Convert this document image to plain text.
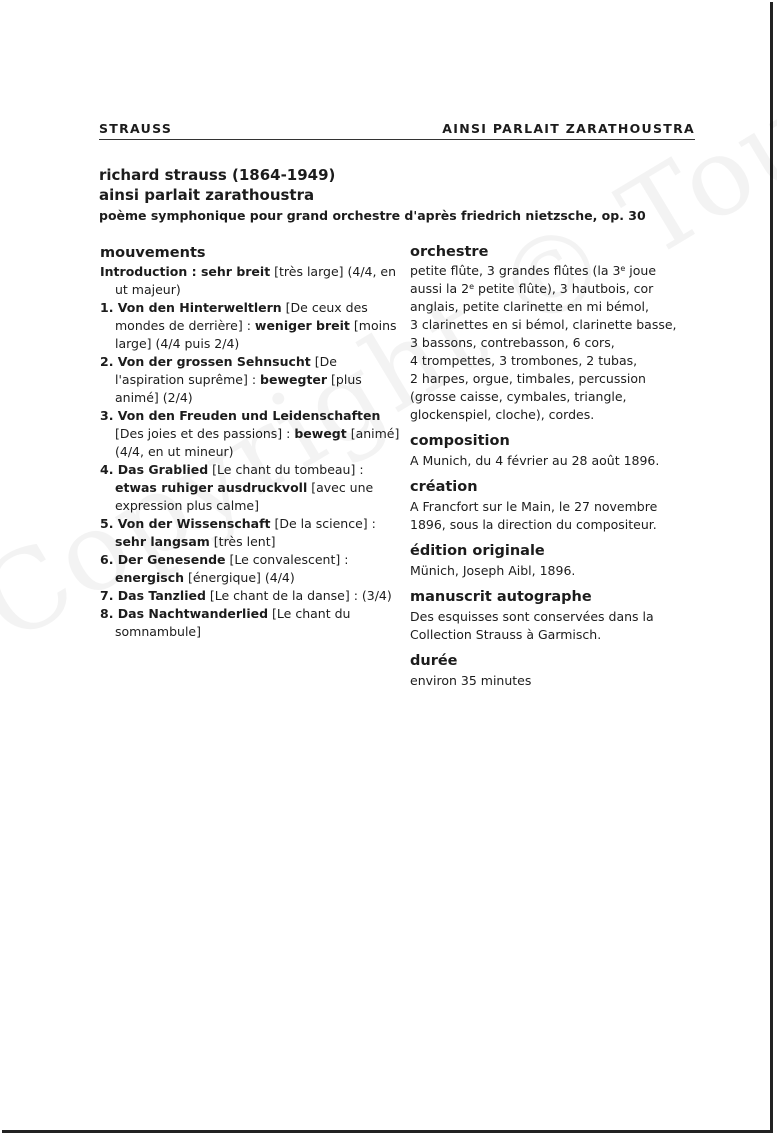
STRAUSS	AINSI PARLAIT ZARATHOUSTRA
richard strauss (1864-1949)
ainsi parlait zarathoustra
poème symphonique pour grand orchestre d'après friedrich nietzsche, op. 30
mouvements
Introduction : sehr breit [très large] (4/4, en ut majeur)
1. Von den Hinterweltlern [De ceux des mondes de derrière] : weniger breit [moins large] (4/4 puis 2/4)
2. Von der grossen Sehnsucht [De l'aspiration suprême] : bewegter [plus animé] (2/4)
3. Von den Freuden und Leidenschaften [Des joies et des passions] : bewegt [animé] (4/4, en ut mineur)
4. Das Grablied [Le chant du tombeau] : etwas ruhiger ausdruckvoll [avec une expression plus calme]
5. Von der Wissenschaft [De la science] : sehr langsam [très lent]
6. Der Genesende [Le convalescent] : energisch [énergique] (4/4)
7. Das Tanzlied [Le chant de la danse] : (3/4)
8. Das Nachtwanderlied [Le chant du somnambule]
orchestre
petite flûte, 3 grandes flûtes (la 3e joue
aussi la 2e petite flûte), 3 hautbois, cor
anglais, petite clarinette en mi bémol,
3 clarinettes en si bémol, clarinette basse,
3 bassons, contrebasson, 6 cors,
4 trompettes, 3 trombones, 2 tubas,
2 harpes, orgue, timbales, percussion
(grosse caisse, cymbales, triangle,
glockenspiel, cloche), cordes.
composition
A Munich, du 4 février au 28 août 1896.
création
A Francfort sur le Main, le 27 novembre
1896, sous la direction du compositeur.
édition originale
Münich, Joseph Aibl, 1896.
manuscrit autographe
Des esquisses sont conservées dans la
Collection Strauss à Garmisch.
durée
environ 35 minutes
